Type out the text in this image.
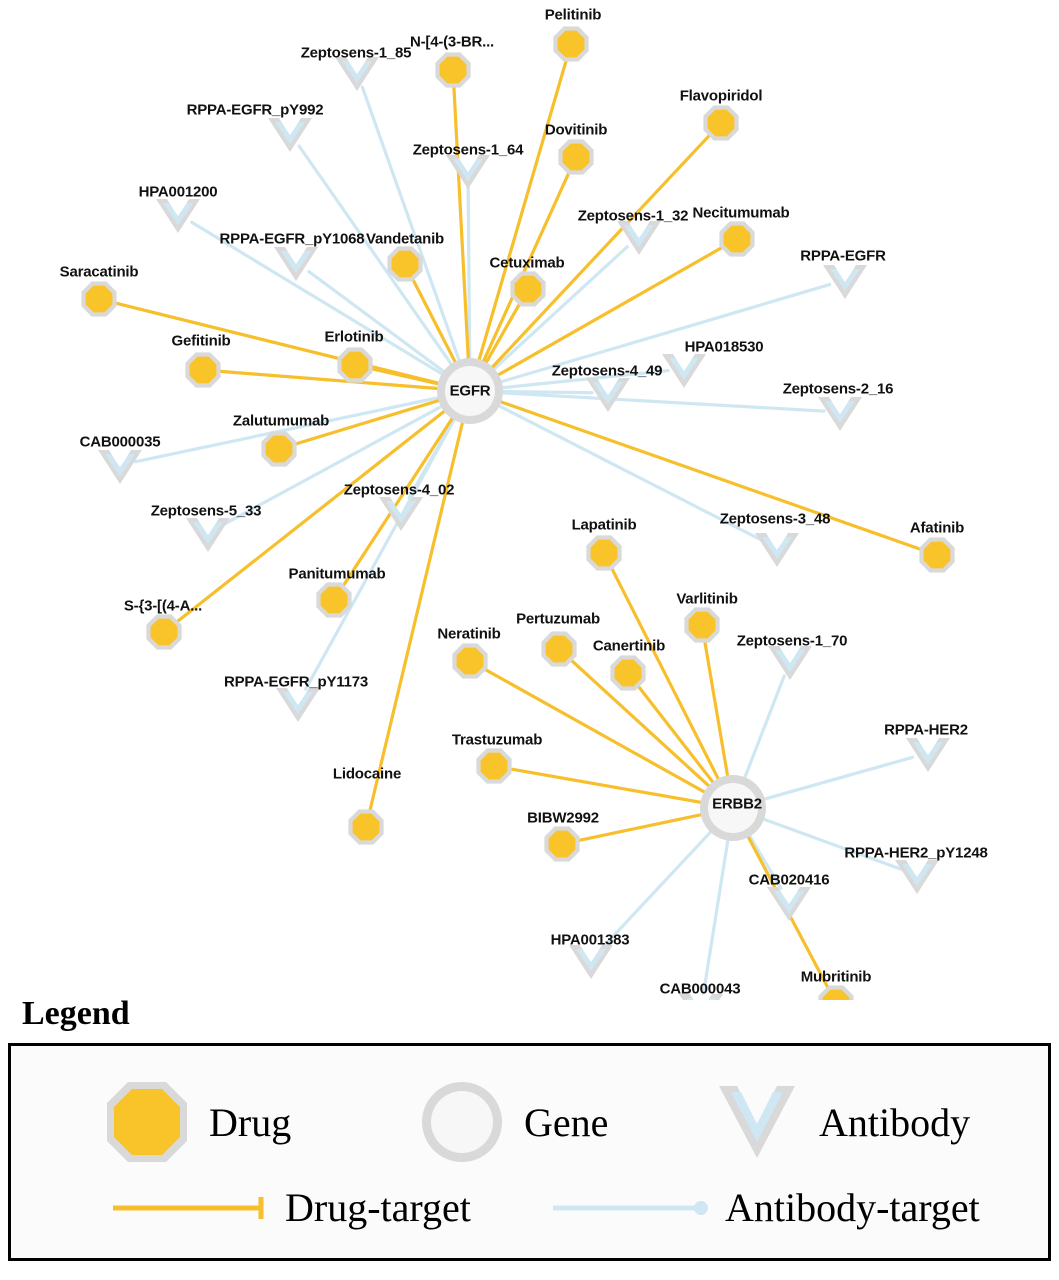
Zeptosens-1_85
RPPA-EGFR_pY992
Zeptosens-1_64
HPA001200
Zeptosens-1_32
RPPA-EGFR_pY1068
RPPA-EGFR
HPA018530
Zeptosens-4_49
Zeptosens-2_16
CAB000035
Zeptosens-4_02
Zeptosens-5_33	Zeptosens-3_48
Zeptosens-1_70
RPPA-EGFR_pY1173
RPPA-HER2
RPPA-HER2_pY1248
CAB020416
HPA001383
CAB000043
Pelitinib
N-[4-(3-BR...
Flavopiridol
Dovitinib
Necitumumab
Vandetanib
Cetuximab
Saracatinib
Gefitinib	Erlotinib
Zalutumumab
Afatinib
Lapatinib
Panitumumab
Varlitinib
S-{3-[(4-A...
Pertuzumab
Neratinib
Canertinib
Trastuzumab
Lidocaine
BIBW2992
Mubritinib
EGFR
ERBB2
Legend
Drug	Gene	Antibody
Drug-target	Antibody-target
